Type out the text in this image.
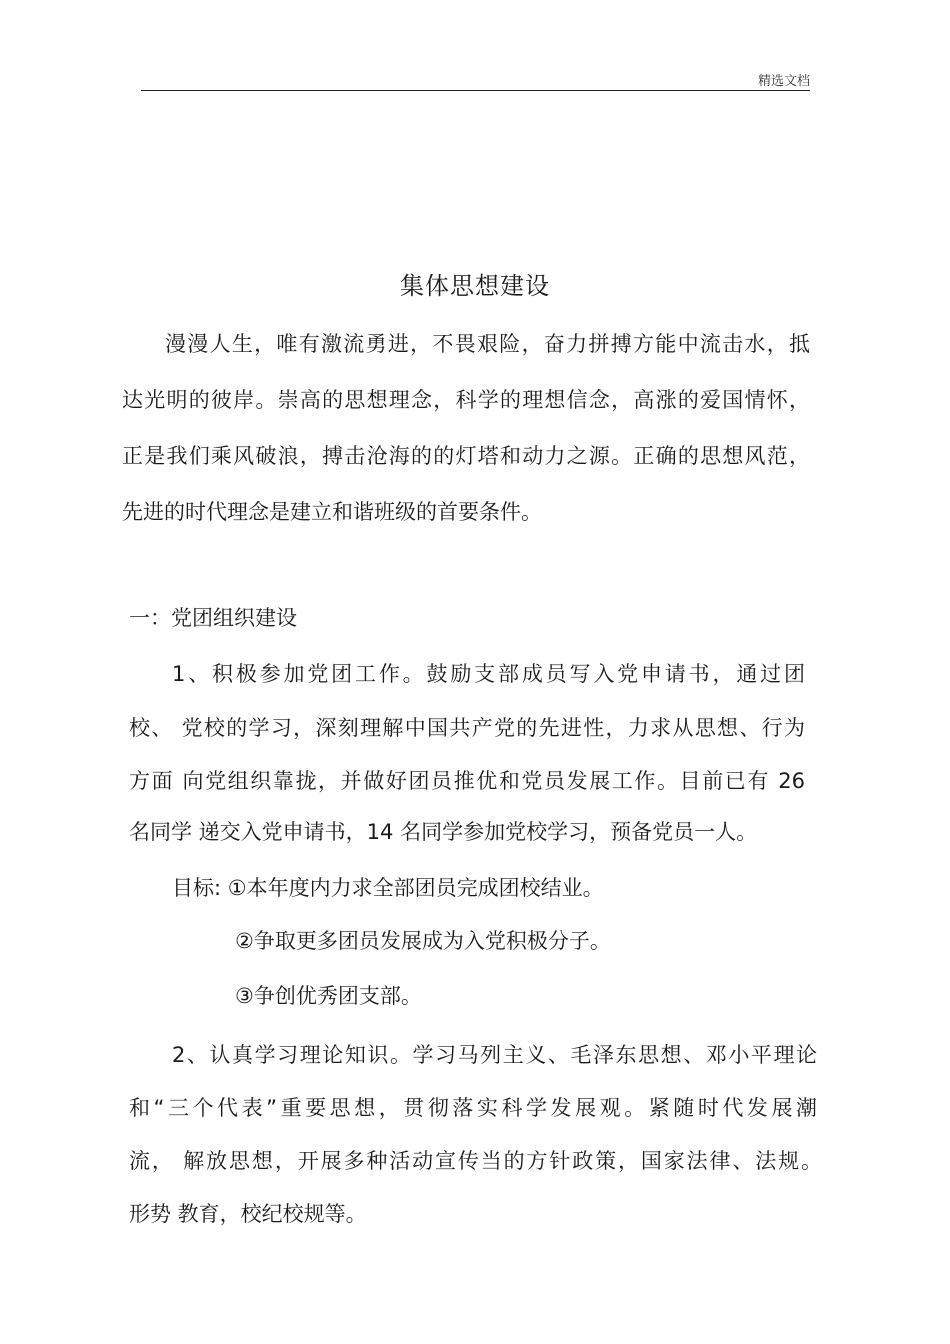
精选文档
集体思想建设
漫漫人生，唯有激流勇进，不畏艰险，奋力拼搏方能中流击水，抵
达光明的彼岸。崇高的思想理念，科学的理想信念，高涨的爱国情怀，
正是我们乘风破浪，搏击沧海的的灯塔和动力之源。正确的思想风范，
先进的时代理念是建立和谐班级的首要条件。
一：党团组织建设
1、积极参加党团工作。鼓励支部成员写入党申请书，通过团
校、 党校的学习，深刻理解中国共产党的先进性，力求从思想、行为
方面 向党组织靠拢，并做好团员推优和党员发展工作。目前已有 26
名同学 递交入党申请书，14 名同学参加党校学习，预备党员一人。
目标: ①本年度内力求全部团员完成团校结业。
②争取更多团员发展成为入党积极分子。
③争创优秀团支部。
2、认真学习理论知识。学习马列主义、毛泽东思想、邓小平理论
和“三个代表”重要思想，贯彻落实科学发展观。紧随时代发展潮
流， 解放思想，开展多种活动宣传当的方针政策，国家法律、法规。
形势 教育，校纪校规等。
